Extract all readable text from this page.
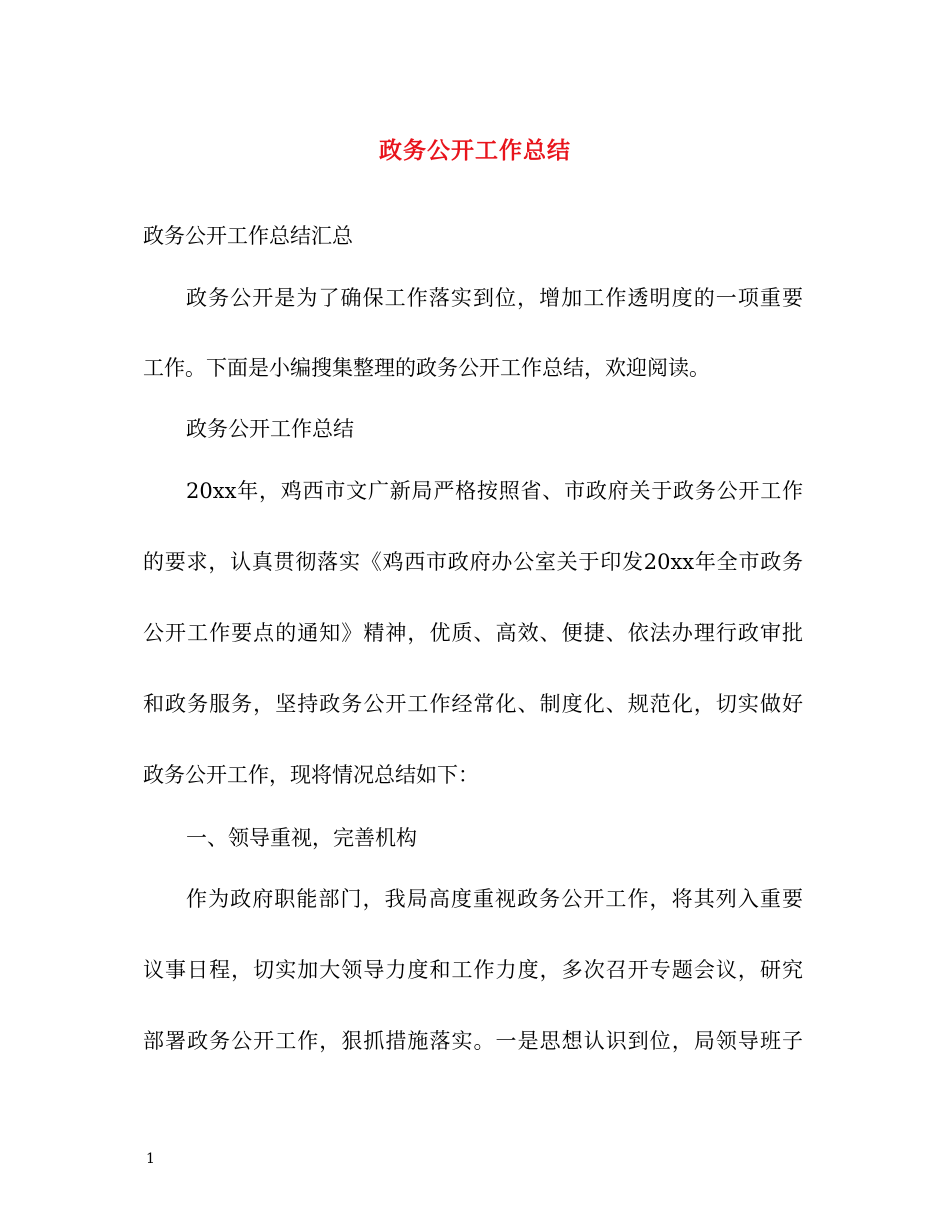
政务公开工作总结
政务公开工作总结汇总
政务公开是为了确保工作落实到位，增加工作透明度的一项重要
工作。下面是小编搜集整理的政务公开工作总结，欢迎阅读。
政务公开工作总结
20xx年，鸡西市文广新局严格按照省、市政府关于政务公开工作
的要求，认真贯彻落实《鸡西市政府办公室关于印发20xx年全市政务
公开工作要点的通知》精神，优质、高效、便捷、依法办理行政审批
和政务服务，坚持政务公开工作经常化、制度化、规范化，切实做好
政务公开工作，现将情况总结如下：
一、领导重视，完善机构
作为政府职能部门，我局高度重视政务公开工作，将其列入重要
议事日程，切实加大领导力度和工作力度，多次召开专题会议，研究
部署政务公开工作，狠抓措施落实。一是思想认识到位，局领导班子
1
